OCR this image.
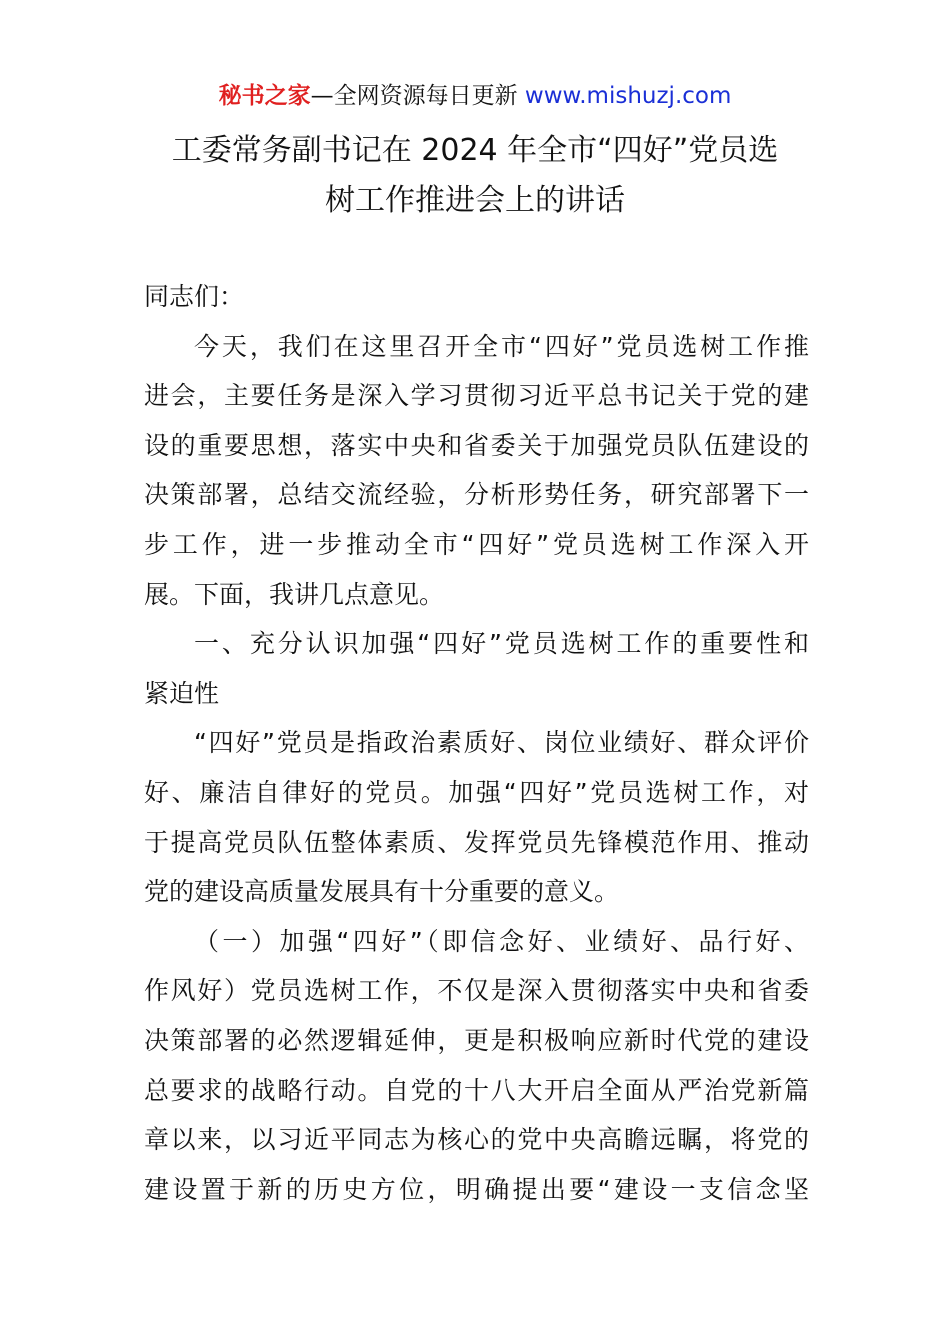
秘书之家—全网资源每日更新 www.mishuzj.com
工委常务副书记在 2024 年全市“四好”党员选
树工作推进会上的讲话
同志们：
今天，我们在这里召开全市“四好”党员选树工作推
进会，主要任务是深入学习贯彻习近平总书记关于党的建
设的重要思想，落实中央和省委关于加强党员队伍建设的
决策部署，总结交流经验，分析形势任务，研究部署下一
步工作，进一步推动全市“四好”党员选树工作深入开
展。下面，我讲几点意见。
一、充分认识加强“四好”党员选树工作的重要性和
紧迫性
“四好”党员是指政治素质好、岗位业绩好、群众评价
好、廉洁自律好的党员。加强“四好”党员选树工作，对
于提高党员队伍整体素质、发挥党员先锋模范作用、推动
党的建设高质量发展具有十分重要的意义。
（一）加强“四好”（即信念好、业绩好、品行好、
作风好）党员选树工作，不仅是深入贯彻落实中央和省委
决策部署的必然逻辑延伸，更是积极响应新时代党的建设
总要求的战略行动。自党的十八大开启全面从严治党新篇
章以来，以习近平同志为核心的党中央高瞻远瞩，将党的
建设置于新的历史方位，明确提出要“建设一支信念坚
